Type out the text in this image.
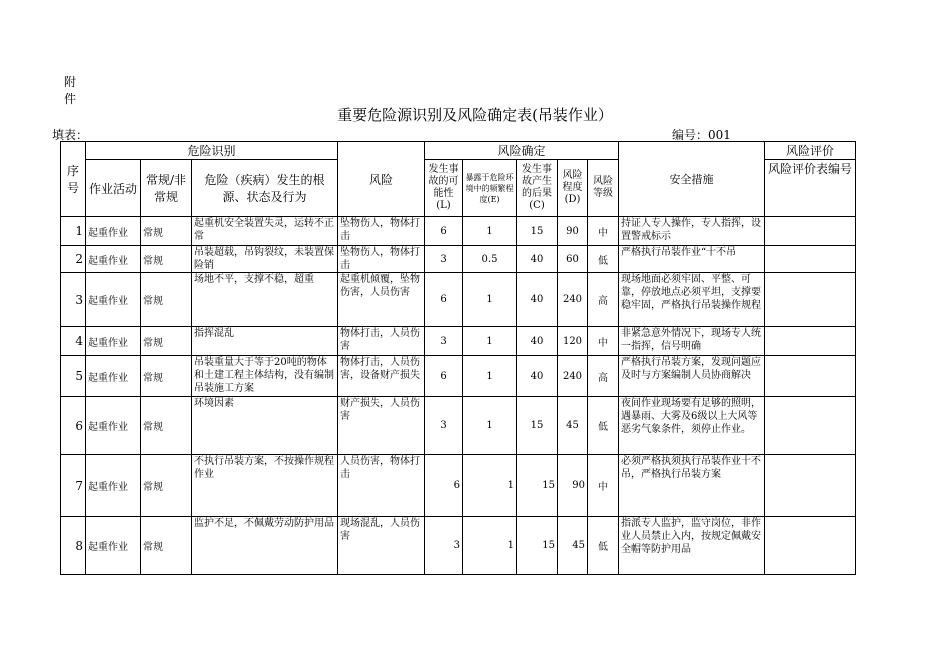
附件
重要危险源识别及风险确定表(吊装作业）
填表：	编号：001
序号	危险识别			风险	风险确定					安全措施	风险评价
	作业活动	常规/非常规	危险（疾病）发生的根源、状态及行为		发生事故的可能性(L)	暴露于危险环境中的频繁程度(E)	发生事故产生的后果(C)	风险程度(D)	风险等级		风险评价表编号
1	起重作业	常规	起重机安全装置失灵，运转不正常	坠物伤人，物体打击	6	1	15	90	中	持证人专人操作，专人指挥，设置警戒标示	
2	起重作业	常规	吊装超载，吊钩裂纹，未装置保险销	坠物伤人，物体打击	3	0.5	40	60	低	严格执行吊装作业“十不吊	
3	起重作业	常规	场地不平，支撑不稳，超重	起重机倾覆，坠物伤害，人员伤害	6	1	40	240	高	现场地面必须牢固、平整、可靠，停放地点必须平坦，支撑要稳牢固，严格执行吊装操作规程	
4	起重作业	常规	指挥混乱	物体打击，人员伤害	3	1	40	120	中	非紧急意外情况下，现场专人统一指挥，信号明确	
5	起重作业	常规	吊装重量大于等于20吨的物体和土建工程主体结构，没有编制吊装施工方案	物体打击，人员伤害，设备财产损失	6	1	40	240	高	严格执行吊装方案，发现问题应及时与方案编制人员协商解决	
6	起重作业	常规	环境因素	财产损失，人员伤害	3	1	15	45	低	夜间作业现场要有足够的照明，遇暴雨、大雾及6级以上大风等恶劣气象条件，须停止作业。	
7	起重作业	常规	不执行吊装方案，不按操作规程作业	人员伤害，物体打击	6	1	15	90	中	必须严格执须执行吊装作业十不吊，严格执行吊装方案	
8	起重作业	常规	监护不足，不佩戴劳动防护用品	现场混乱，人员伤害	3	1	15	45	低	指派专人监护，监守岗位，非作业人员禁止入内，按规定佩戴安全帽等防护用品	
